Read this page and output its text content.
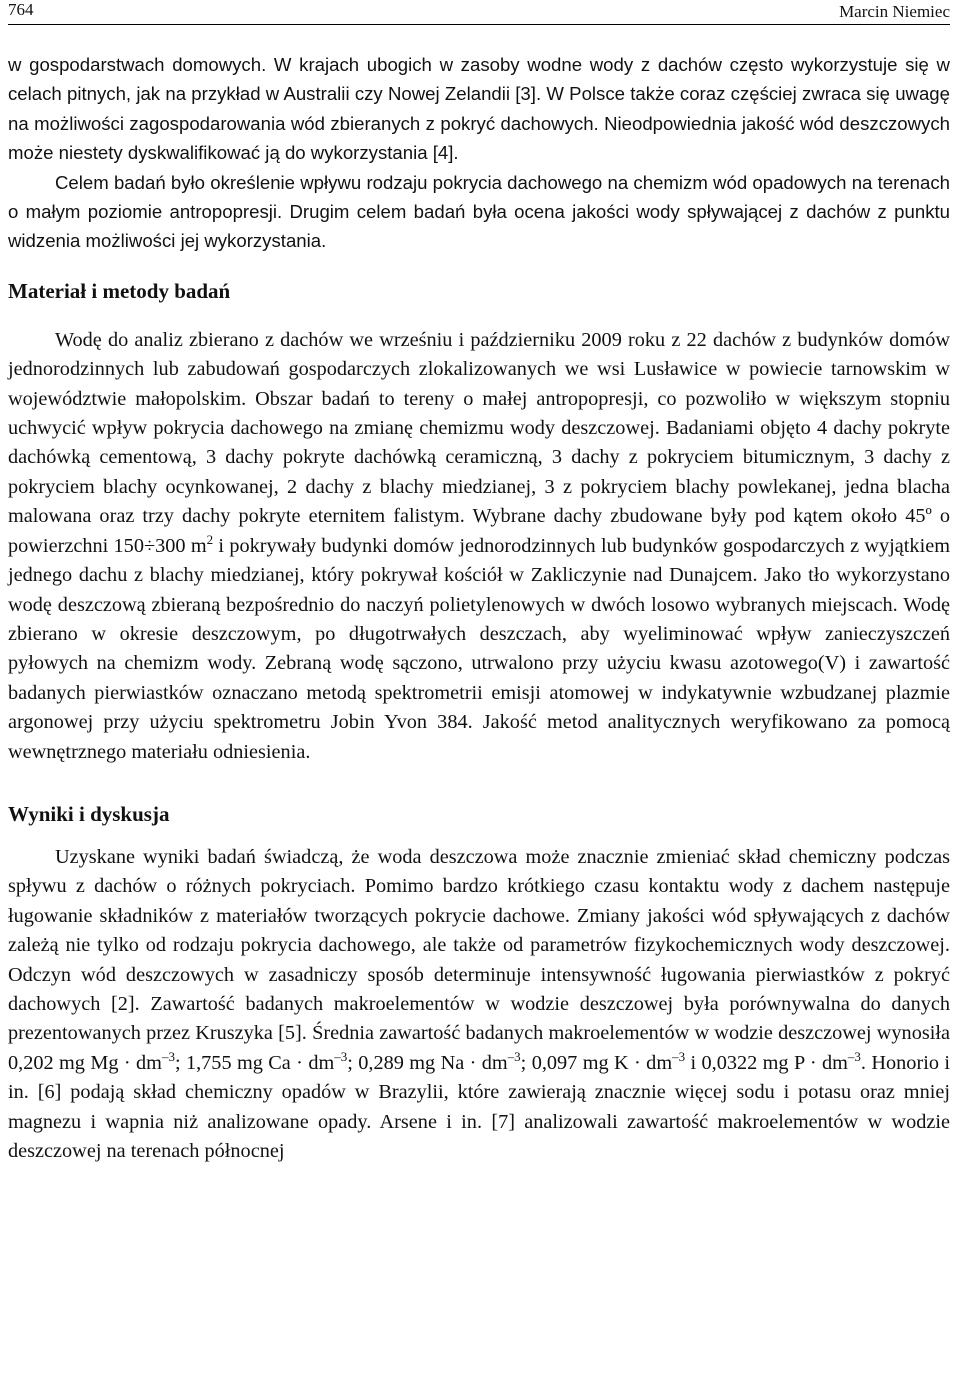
764	Marcin Niemiec

w gospodarstwach domowych. W krajach ubogich w zasoby wodne wody z dachów często wykorzystuje się w celach pitnych, jak na przykład w Australii czy Nowej Zelandii [3]. W Polsce także coraz częściej zwraca się uwagę na możliwości zagospodarowania wód zbieranych z pokryć dachowych. Nieodpowiednia jakość wód deszczowych może niestety dyskwalifikować ją do wykorzystania [4].

Celem badań było określenie wpływu rodzaju pokrycia dachowego na chemizm wód opadowych na terenach o małym poziomie antropopresji. Drugim celem badań była ocena jakości wody spływającej z dachów z punktu widzenia możliwości jej wykorzystania.

Materiał i metody badań

Wodę do analiz zbierano z dachów we wrześniu i październiku 2009 roku z 22 dachów z budynków domów jednorodzinnych lub zabudowań gospodarczych zlokalizowanych we wsi Lusławice w powiecie tarnowskim w województwie małopolskim. Obszar badań to tereny o małej antropopresji, co pozwoliło w większym stopniu uchwycić wpływ pokrycia dachowego na zmianę chemizmu wody deszczowej. Badaniami objęto 4 dachy pokryte dachówką cementową, 3 dachy pokryte dachówką ceramiczną, 3 dachy z pokryciem bitumicznym, 3 dachy z pokryciem blachy ocynkowanej, 2 dachy z blachy miedzianej, 3 z pokryciem blachy powlekanej, jedna blacha malowana oraz trzy dachy pokryte eternitem falistym. Wybrane dachy zbudowane były pod kątem około 45º o powierzchni 150÷300 $m^2$ i pokrywały budynki domów jednorodzinnych lub budynków gospodarczych z wyjątkiem jednego dachu z blachy miedzianej, który pokrywał kościół w Zakliczynie nad Dunajcem. Jako tło wykorzystano wodę deszczową zbieraną bezpośrednio do naczyń polietylenowych w dwóch losowo wybranych miejscach. Wodę zbierano w okresie deszczowym, po długotrwałych deszczach, aby wyeliminować wpływ zanieczyszczeń pyłowych na chemizm wody. Zebraną wodę sączono, utrwalono przy użyciu kwasu azotowego(V) i zawartość badanych pierwiastków oznaczano metodą spektrometrii emisji atomowej w indykatywnie wzbudzanej plazmie argonowej przy użyciu spektrometru Jobin Yvon 384. Jakość metod analitycznych weryfikowano za pomocą wewnętrznego materiału odniesienia.

Wyniki i dyskusja

Uzyskane wyniki badań świadczą, że woda deszczowa może znacznie zmieniać skład chemiczny podczas spływu z dachów o różnych pokryciach. Pomimo bardzo krótkiego czasu kontaktu wody z dachem następuje ługowanie składników z materiałów tworzących pokrycie dachowe. Zmiany jakości wód spływających z dachów zależą nie tylko od rodzaju pokrycia dachowego, ale także od parametrów fizykochemicznych wody deszczowej. Odczyn wód deszczowych w zasadniczy sposób determinuje intensywność ługowania pierwiastków z pokryć dachowych [2]. Zawartość badanych makroelementów w wodzie deszczowej była porównywalna do danych prezentowanych przez Kruszyka [5]. Średnia zawartość badanych makroelementów w wodzie deszczowej wynosiła 0,202 mg $Mg \cdot dm^{-3}$; 1,755 mg $Ca \cdot dm^{-3}$; 0,289 mg $Na \cdot dm^{-3}$; 0,097 mg $K \cdot dm^{-3}$ i 0,0322 mg $P \cdot dm^{-3}$. Honorio i in. [6] podają skład chemiczny opadów w Brazylii, które zawierają znacznie więcej sodu i potasu oraz mniej magnezu i wapnia niż analizowane opady. Arsene i in. [7] analizowali zawartość makroelementów w wodzie deszczowej na terenach północnej
